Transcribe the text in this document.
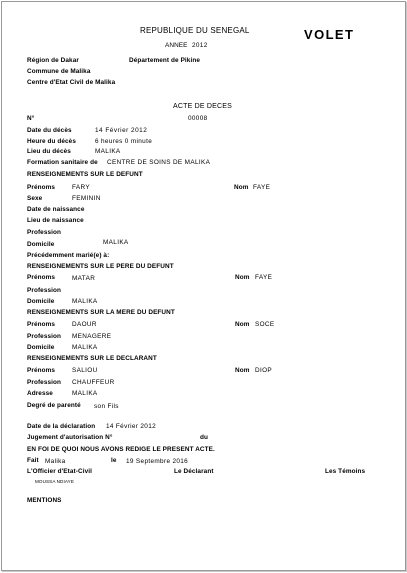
REPUBLIQUE DU SENEGAL	VOLET
ANNEE 2012
Région de Dakar	Département de Pikine
Commune de Malika
Centre d'Etat Civil de Malika
ACTE DE DECES
N°	00008
Date du décès	14 Février 2012
Heure du décès	6 heures 0 minute
Lieu du décès	MALIKA
Formation sanitaire de CENTRE DE SOINS DE MALIKA
RENSEIGNEMENTS SUR LE DEFUNT
Prénoms	FARY	Nom FAYE
Sexe	FEMININ
Date de naissance
Lieu de naissance
Profession
Domicile	MALIKA
Précédemment marié(e) à:
RENSEIGNEMENTS SUR LE PERE DU DEFUNT
Prénoms	MATAR	Nom FAYE
Profession
Domicile	MALIKA
RENSEIGNEMENTS SUR LA MERE DU DEFUNT
Prénoms	DAOUR	Nom SOCE
Profession MENAGERE
Domicile	MALIKA
RENSEIGNEMENTS SUR LE DECLARANT
Prénoms	SALIOU	Nom DIOP
Profession CHAUFFEUR
Adresse	MALIKA
Degré de parenté son Fils
Date de la déclaration 14 Février 2012
Jugement d'autorisation N°	du
EN FOI DE QUOI NOUS AVONS REDIGE LE PRESENT ACTE.
Fait Malika	le 19 Septembre 2016
L'Officier d'Etat-Civil	Le Déclarant	Les Témoins
MOUSSA NDIAYE
MENTIONS
